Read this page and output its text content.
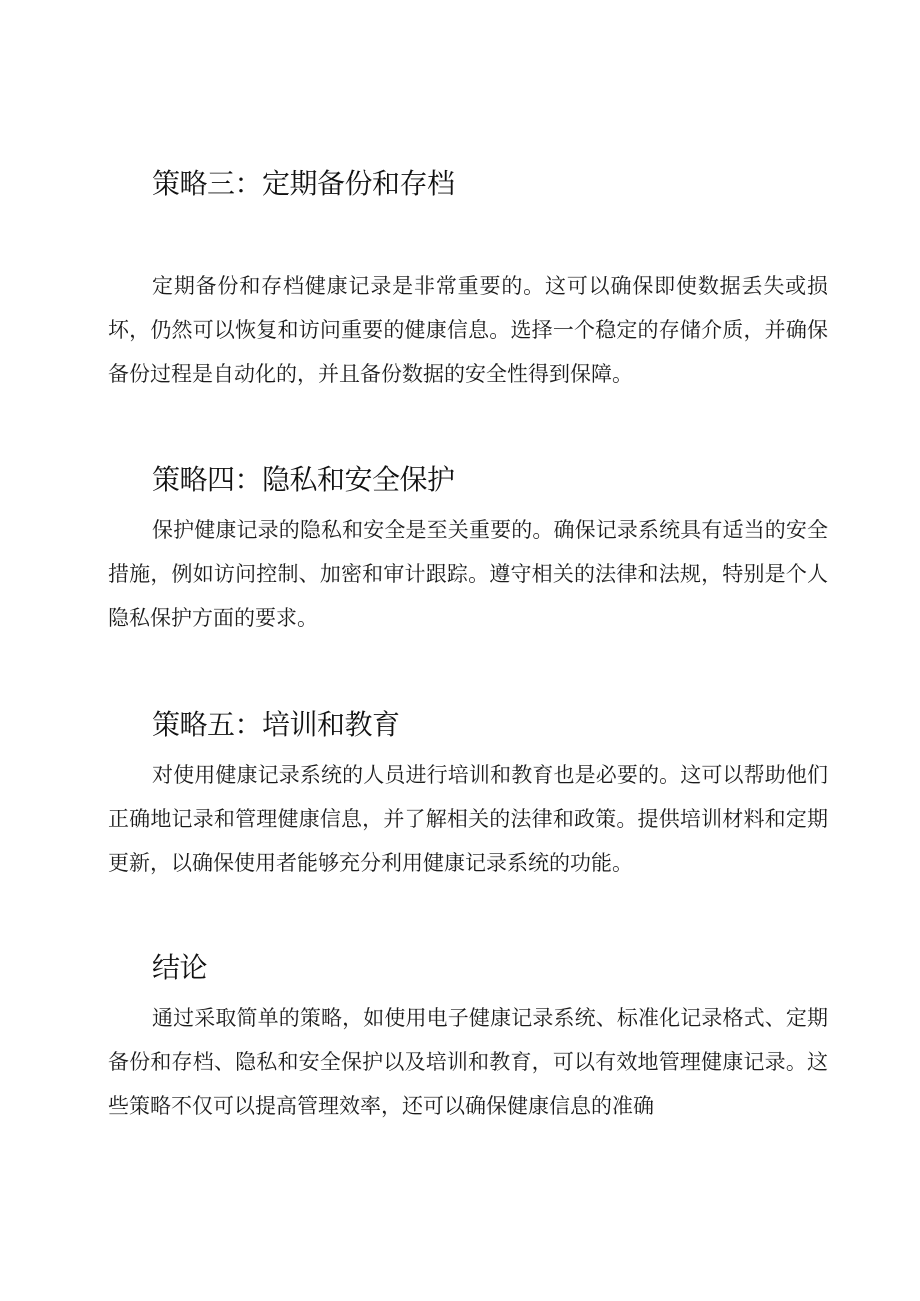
策略三：定期备份和存档
定期备份和存档健康记录是非常重要的。这可以确保即使数据丢失或损坏，仍然可以恢复和访问重要的健康信息。选择一个稳定的存储介质，并确保备份过程是自动化的，并且备份数据的安全性得到保障。
策略四：隐私和安全保护
保护健康记录的隐私和安全是至关重要的。确保记录系统具有适当的安全措施，例如访问控制、加密和审计跟踪。遵守相关的法律和法规，特别是个人隐私保护方面的要求。
策略五：培训和教育
对使用健康记录系统的人员进行培训和教育也是必要的。这可以帮助他们正确地记录和管理健康信息，并了解相关的法律和政策。提供培训材料和定期更新，以确保使用者能够充分利用健康记录系统的功能。
结论
通过采取简单的策略，如使用电子健康记录系统、标准化记录格式、定期备份和存档、隐私和安全保护以及培训和教育，可以有效地管理健康记录。这些策略不仅可以提高管理效率，还可以确保健康信息的准确
